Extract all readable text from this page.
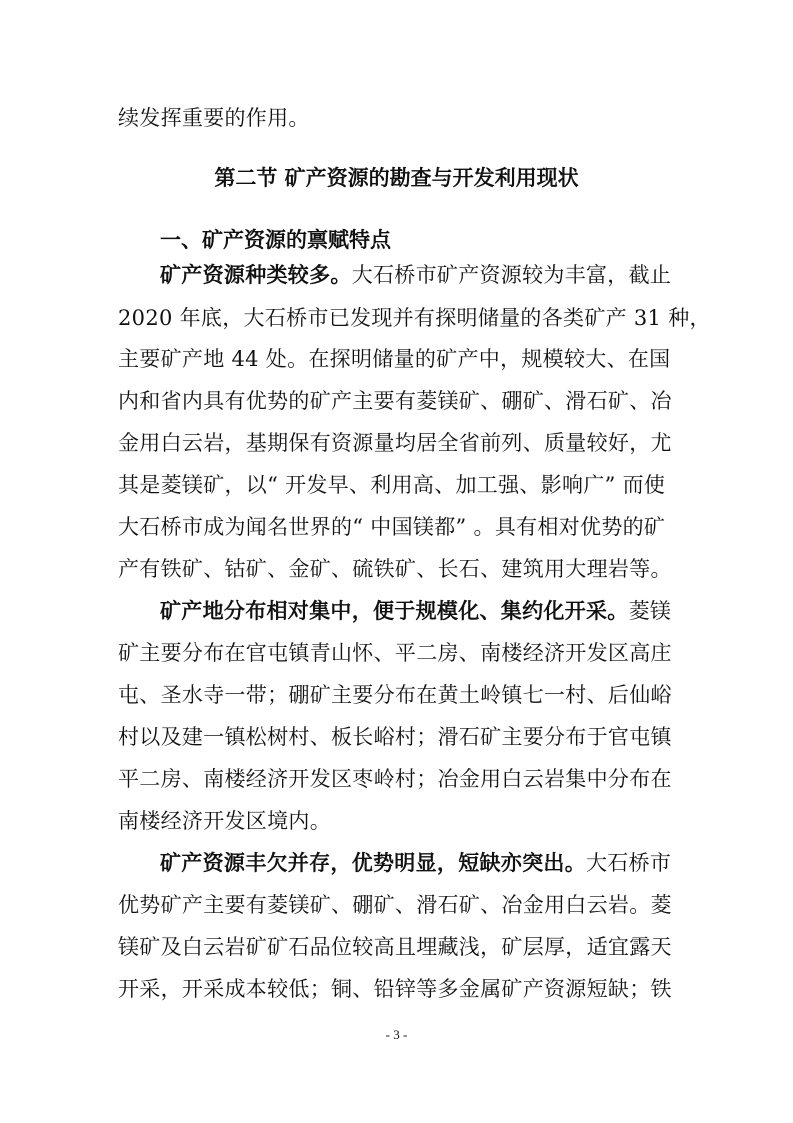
续发挥重要的作用。
第二节 矿产资源的勘查与开发利用现状
一、矿产资源的禀赋特点
矿产资源种类较多。大石桥市矿产资源较为丰富，截止
2020 年底，大石桥市已发现并有探明储量的各类矿产 31 种，
主要矿产地 44 处。在探明储量的矿产中，规模较大、在国
内和省内具有优势的矿产主要有菱镁矿、硼矿、滑石矿、冶
金用白云岩，基期保有资源量均居全省前列、质量较好，尤
其是菱镁矿，以“ 开发早、利用高、加工强、影响广” 而使
大石桥市成为闻名世界的“ 中国镁都” 。具有相对优势的矿
产有铁矿、钴矿、金矿、硫铁矿、长石、建筑用大理岩等。
矿产地分布相对集中，便于规模化、集约化开采。菱镁
矿主要分布在官屯镇青山怀、平二房、南楼经济开发区高庄
屯、圣水寺一带；硼矿主要分布在黄土岭镇七一村、后仙峪
村以及建一镇松树村、板长峪村；滑石矿主要分布于官屯镇
平二房、南楼经济开发区枣岭村；冶金用白云岩集中分布在
南楼经济开发区境内。
矿产资源丰欠并存，优势明显，短缺亦突出。大石桥市
优势矿产主要有菱镁矿、硼矿、滑石矿、冶金用白云岩。菱
镁矿及白云岩矿矿石品位较高且埋藏浅，矿层厚，适宜露天
开采，开采成本较低；铜、铅锌等多金属矿产资源短缺；铁
- 3 -
